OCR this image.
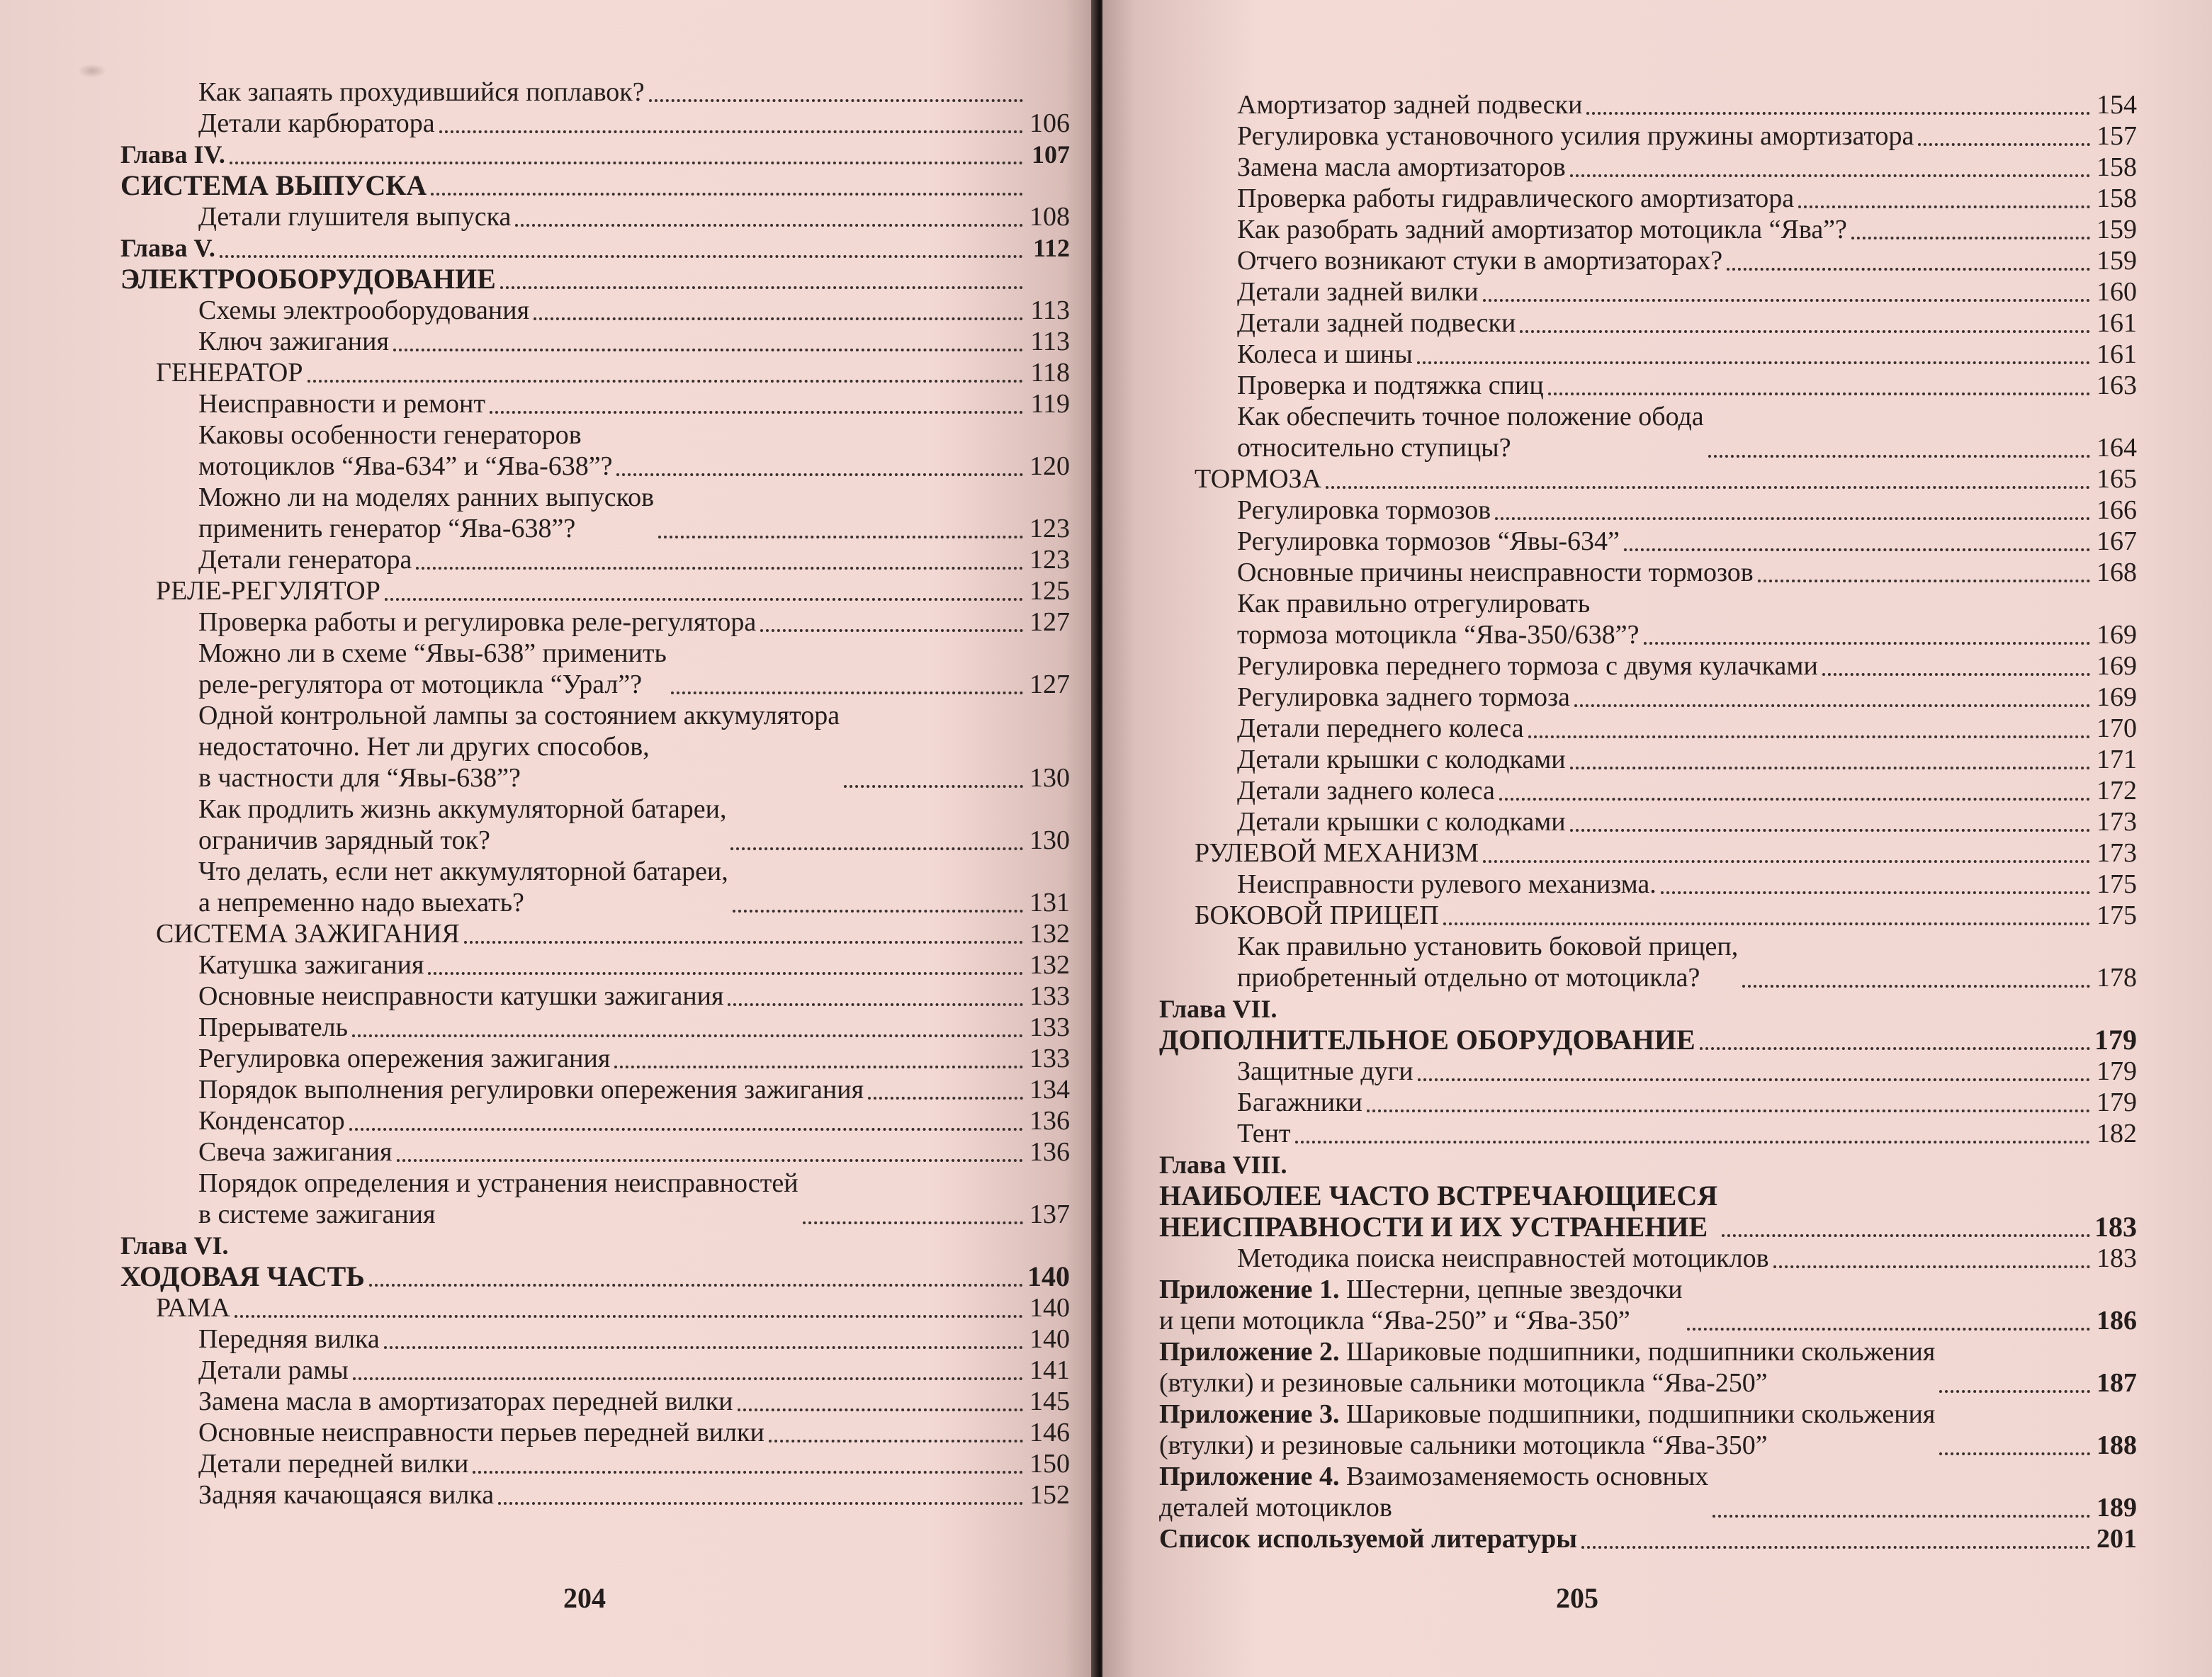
Как запаять прохудившийся поплавок?
Детали карбюратора	106
Глава IV.	107
СИСТЕМА ВЫПУСКА
Детали глушителя выпуска	108
Глава V.	112
ЭЛЕКТРООБОРУДОВАНИЕ
Схемы электрооборудования	113
Ключ зажигания	113
ГЕНЕРАТОР	118
Неисправности и ремонт	119
Каковы особенности генераторов
мотоциклов “Ява-634” и “Ява-638”?	120
Можно ли на моделях ранних выпусков
применить генератор “Ява-638”?	123
Детали генератора	123
РЕЛЕ-РЕГУЛЯТОР	125
Проверка работы и регулировка реле-регулятора	127
Можно ли в схеме “Явы-638” применить
реле-регулятора от мотоцикла “Урал”?	127
Одной контрольной лампы за состоянием аккумулятора
недостаточно. Нет ли других способов,
в частности для “Явы-638”?	130
Как продлить жизнь аккумуляторной батареи,
ограничив зарядный ток?	130
Что делать, если нет аккумуляторной батареи,
а непременно надо выехать?	131
СИСТЕМА ЗАЖИГАНИЯ	132
Катушка зажигания	132
Основные неисправности катушки зажигания	133
Прерыватель	133
Регулировка опережения зажигания	133
Порядок выполнения регулировки опережения зажигания	134
Конденсатор	136
Свеча зажигания	136
Порядок определения и устранения неисправностей
в системе зажигания	137
Глава VI.
ХОДОВАЯ ЧАСТЬ	140
РАМА	140
Передняя вилка	140
Детали рамы	141
Замена масла в амортизаторах передней вилки	145
Основные неисправности перьев передней вилки	146
Детали передней вилки	150
Задняя качающаяся вилка	152
204
Амортизатор задней подвески	154
Регулировка установочного усилия пружины амортизатора	157
Замена масла амортизаторов	158
Проверка работы гидравлического амортизатора	158
Как разобрать задний амортизатор мотоцикла “Ява”?	159
Отчего возникают стуки в амортизаторах?	159
Детали задней вилки	160
Детали задней подвески	161
Колеса и шины	161
Проверка и подтяжка спиц	163
Как обеспечить точное положение обода
относительно ступицы?	164
ТОРМОЗА	165
Регулировка тормозов	166
Регулировка тормозов “Явы-634”	167
Основные причины неисправности тормозов	168
Как правильно отрегулировать
тормоза мотоцикла “Ява-350/638”?	169
Регулировка переднего тормоза с двумя кулачками	169
Регулировка заднего тормоза	169
Детали переднего колеса	170
Детали крышки с колодками	171
Детали заднего колеса	172
Детали крышки с колодками	173
РУЛЕВОЙ МЕХАНИЗМ	173
Неисправности рулевого механизма.	175
БОКОВОЙ ПРИЦЕП	175
Как правильно установить боковой прицеп,
приобретенный отдельно от мотоцикла?	178
Глава VII.
ДОПОЛНИТЕЛЬНОЕ ОБОРУДОВАНИЕ	179
Защитные дуги	179
Багажники	179
Тент	182
Глава VIII.
НАИБОЛЕЕ ЧАСТО ВСТРЕЧАЮЩИЕСЯ
НЕИСПРАВНОСТИ И ИХ УСТРАНЕНИЕ	183
Методика поиска неисправностей мотоциклов	183
Приложение 1. Шестерни, цепные звездочки
и цепи мотоцикла “Ява-250” и “Ява-350”	186
Приложение 2. Шариковые подшипники, подшипники скольжения
(втулки) и резиновые сальники мотоцикла “Ява-250”	187
Приложение 3. Шариковые подшипники, подшипники скольжения
(втулки) и резиновые сальники мотоцикла “Ява-350”	188
Приложение 4. Взаимозаменяемость основных
деталей мотоциклов	189
Список используемой литературы	201
205
